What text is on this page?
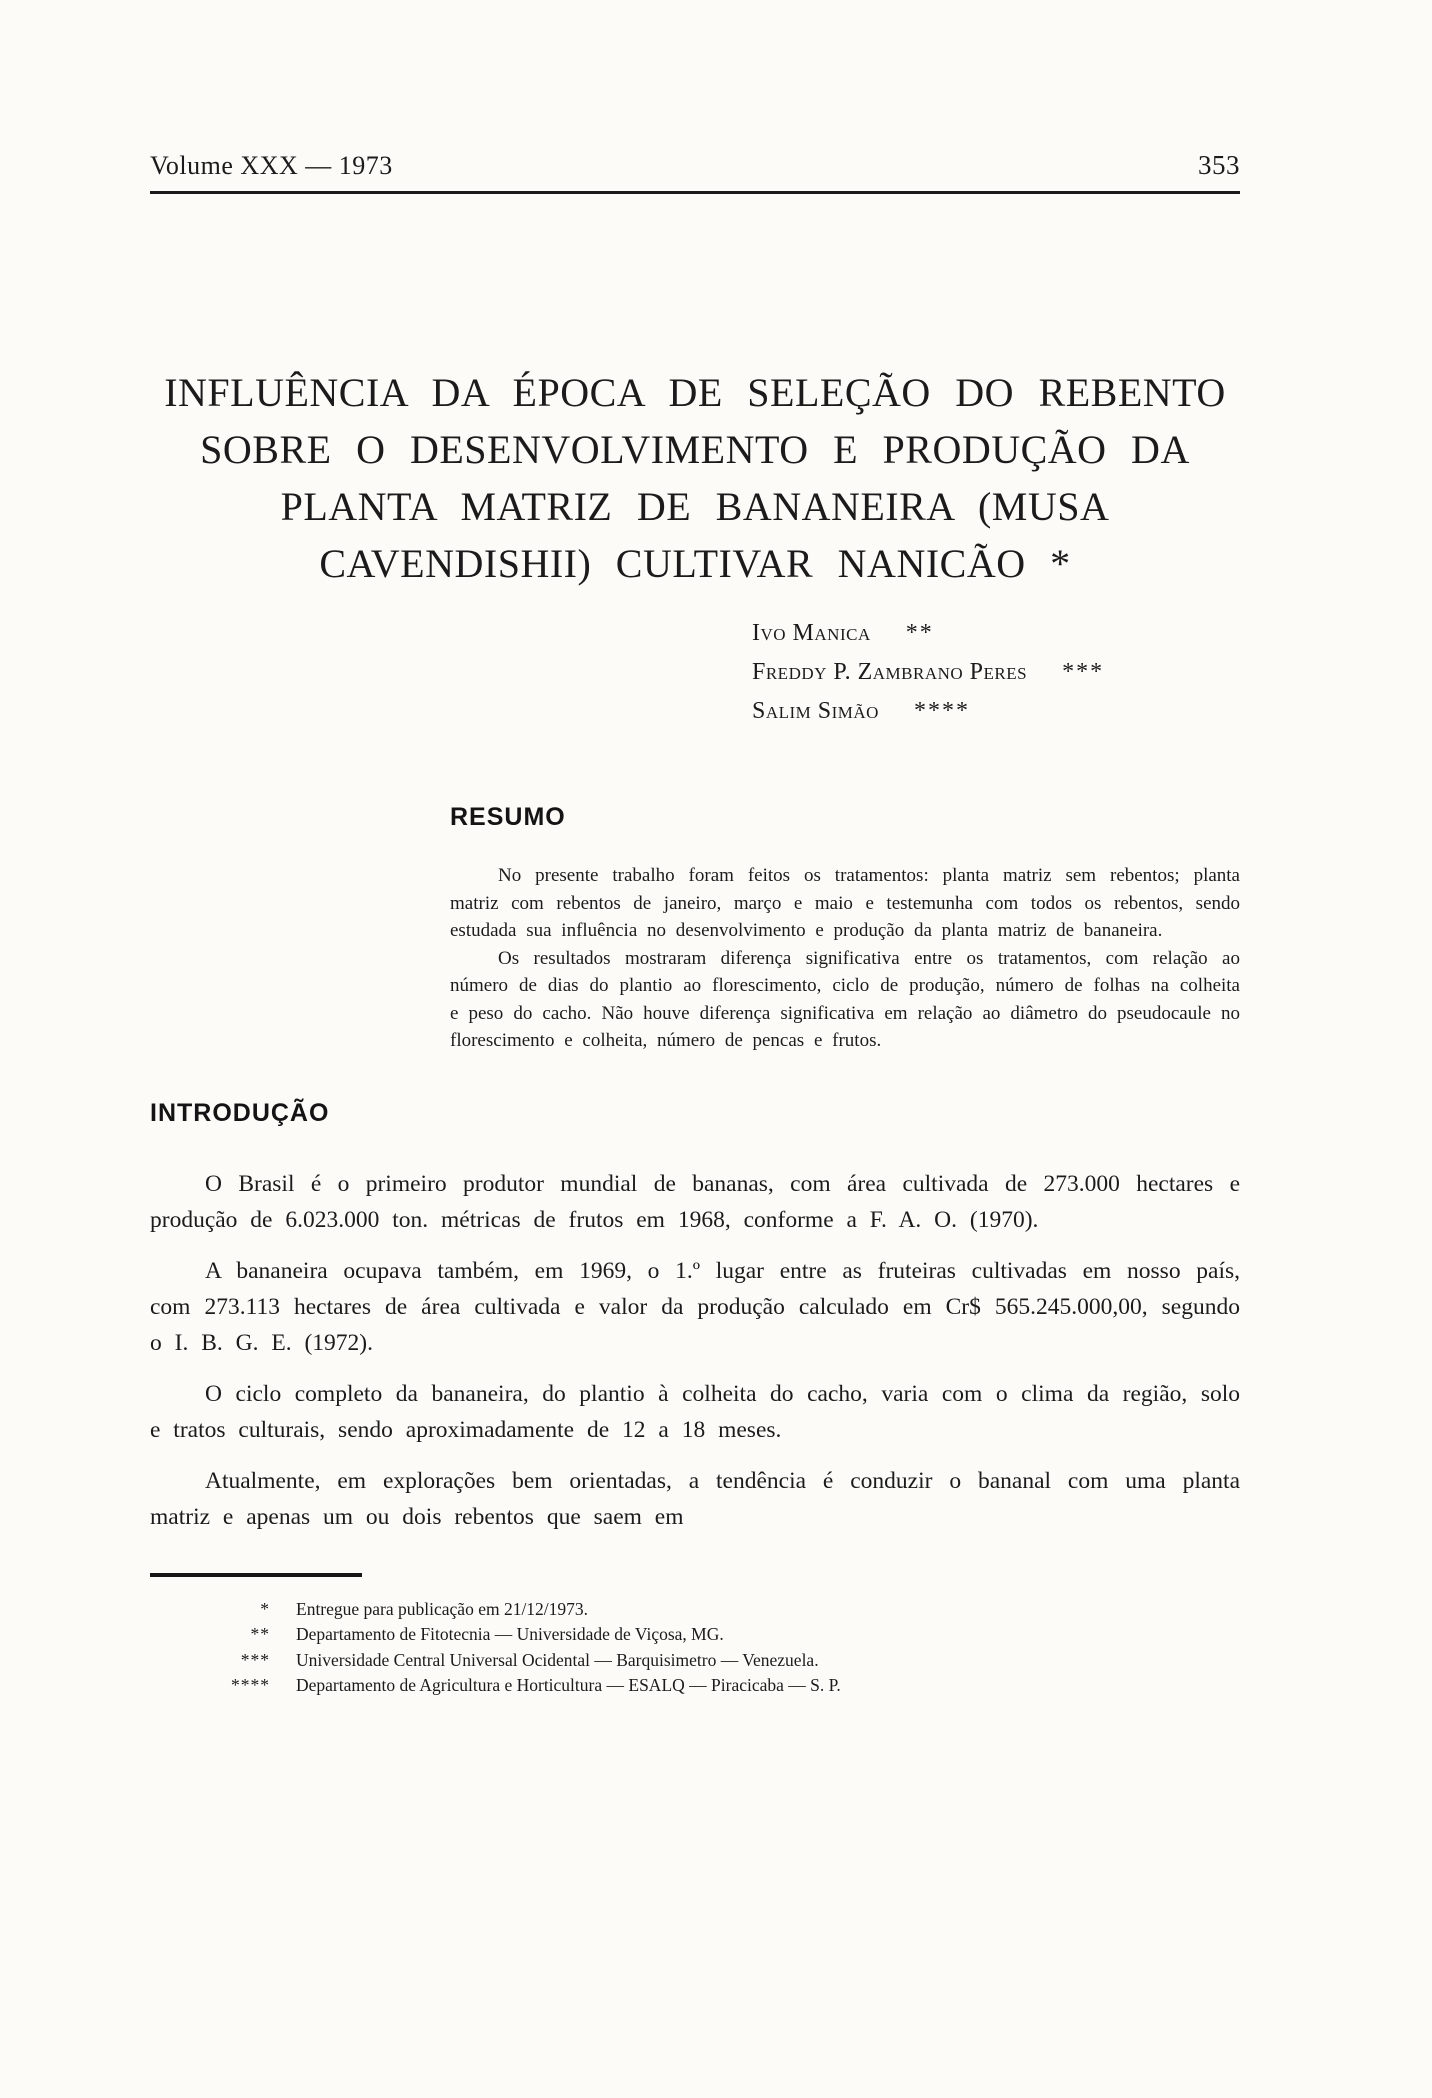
Volume XXX — 1973	353
INFLUÊNCIA DA ÉPOCA DE SELEÇÃO DO REBENTO
SOBRE O DESENVOLVIMENTO E PRODUÇÃO DA
PLANTA MATRIZ DE BANANEIRA (MUSA
CAVENDISHII) CULTIVAR NANICÃO *
Ivo Manica **
Freddy P. Zambrano Peres ***
Salim Simão ****
RESUMO

No presente trabalho foram feitos os tratamentos: planta matriz sem rebentos; planta matriz com rebentos de janeiro, março e maio e testemunha com todos os rebentos, sendo estudada sua influência no desenvolvimento e produção da planta matriz de bananeira.

Os resultados mostraram diferença significativa entre os tratamentos, com relação ao número de dias do plantio ao florescimento, ciclo de produção, número de folhas na colheita e peso do cacho. Não houve diferença significativa em relação ao diâmetro do pseudocaule no florescimento e colheita, número de pencas e frutos.

INTRODUÇÃO

O Brasil é o primeiro produtor mundial de bananas, com área cultivada de 273.000 hectares e produção de 6.023.000 ton. métricas de frutos em 1968, conforme a F. A. O. (1970).

A bananeira ocupava também, em 1969, o 1.º lugar entre as fruteiras cultivadas em nosso país, com 273.113 hectares de área cultivada e valor da produção calculado em Cr$ 565.245.000,00, segundo o I. B. G. E. (1972).

O ciclo completo da bananeira, do plantio à colheita do cacho, varia com o clima da região, solo e tratos culturais, sendo aproximadamente de 12 a 18 meses.

Atualmente, em explorações bem orientadas, a tendência é conduzir o bananal com uma planta matriz e apenas um ou dois rebentos que saem em

* Entregue para publicação em 21/12/1973.
** Departamento de Fitotecnia — Universidade de Viçosa, MG.
*** Universidade Central Universal Ocidental — Barquisimetro — Venezuela.
**** Departamento de Agricultura e Horticultura — ESALQ — Piracicaba — S. P.
